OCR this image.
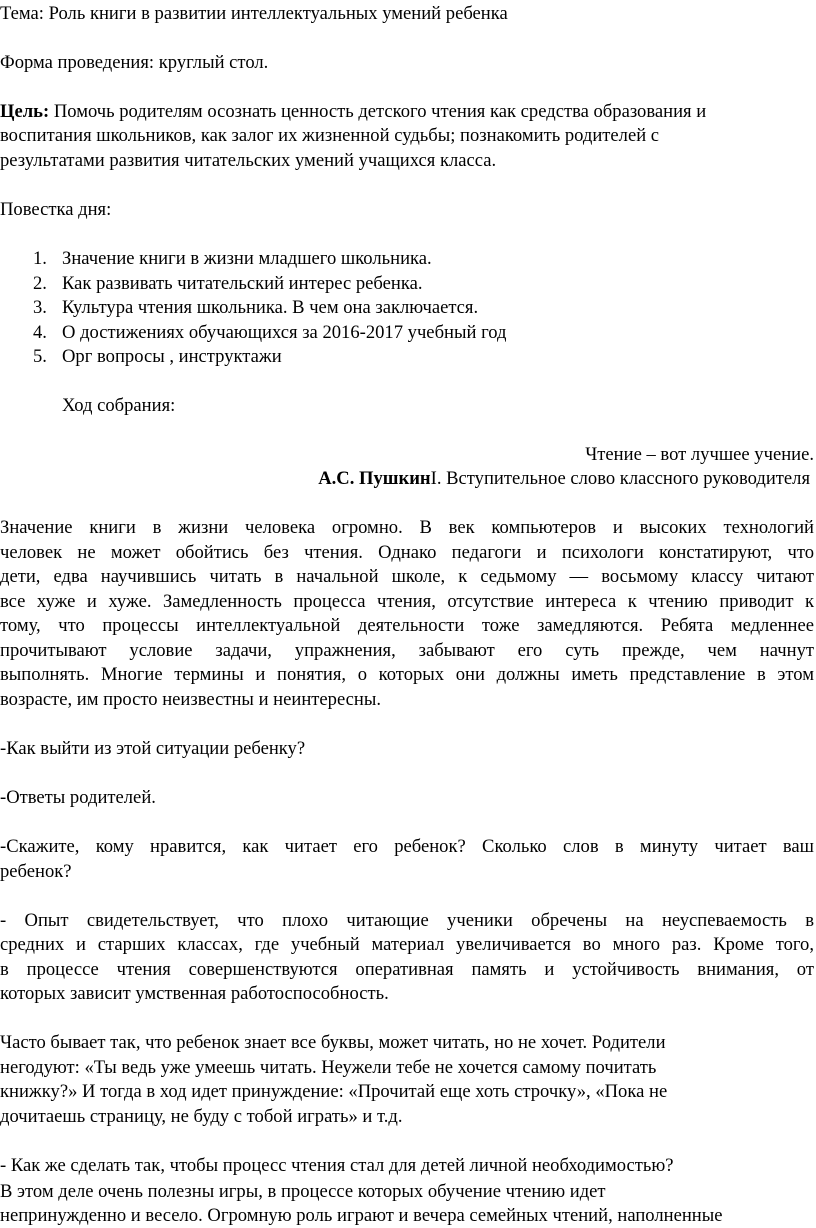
Тема: Роль книги в развитии интеллектуальных умений ребенка
Форма проведения: круглый стол.
Цель: Помочь родителям осознать ценность детского чтения как средства образования и
воспитания школьников, как залог их жизненной судьбы; познакомить родителей с
результатами развития читательских умений учащихся класса.
Повестка дня:
1. Значение книги в жизни младшего школьника.
2. Как развивать читательский интерес ребенка.
3. Культура чтения школьника. В чем она заключается.
4. О достижениях обучающихся за 2016-2017 учебный год
5. Орг вопросы , инструктажи
Ход собрания:
Чтение – вот лучшее учение.
А.С. ПушкинI. Вступительное слово классного руководителя
Значение книги в жизни человека огромно. В век компьютеров и высоких технологий
человек не может обойтись без чтения. Однако педагоги и психологи констатируют, что
дети, едва научившись читать в начальной школе, к седьмому — восьмому классу читают
все хуже и хуже. Замедленность процесса чтения, отсутствие интереса к чтению приводит к
тому, что процессы интеллектуальной деятельности тоже замедляются. Ребята медленнее
прочитывают условие задачи, упражнения, забывают его суть прежде, чем начнут
выполнять. Многие термины и понятия, о которых они должны иметь представление в этом
возрасте, им просто неизвестны и неинтересны.
-Как выйти из этой ситуации ребенку?
-Ответы родителей.
-Скажите, кому нравится, как читает его ребенок? Сколько слов в минуту читает ваш
ребенок?
- Опыт свидетельствует, что плохо читающие ученики обречены на неуспеваемость в
средних и старших классах, где учебный материал увеличивается во много раз. Кроме того,
в процессе чтения совершенствуются оперативная память и устойчивость внимания, от
которых зависит умственная работоспособность.
Часто бывает так, что ребенок знает все буквы, может читать, но не хочет. Родители
негодуют: «Ты ведь уже умеешь читать. Неужели тебе не хочется самому почитать
книжку?» И тогда в ход идет принуждение: «Прочитай еще хоть строчку», «Пока не
дочитаешь страницу, не буду с тобой играть» и т.д.
- Как же сделать так, чтобы процесс чтения стал для детей личной необходимостью?
В этом деле очень полезны игры, в процессе которых обучение чтению идет
непринужденно и весело. Огромную роль играют и вечера семейных чтений, наполненные
